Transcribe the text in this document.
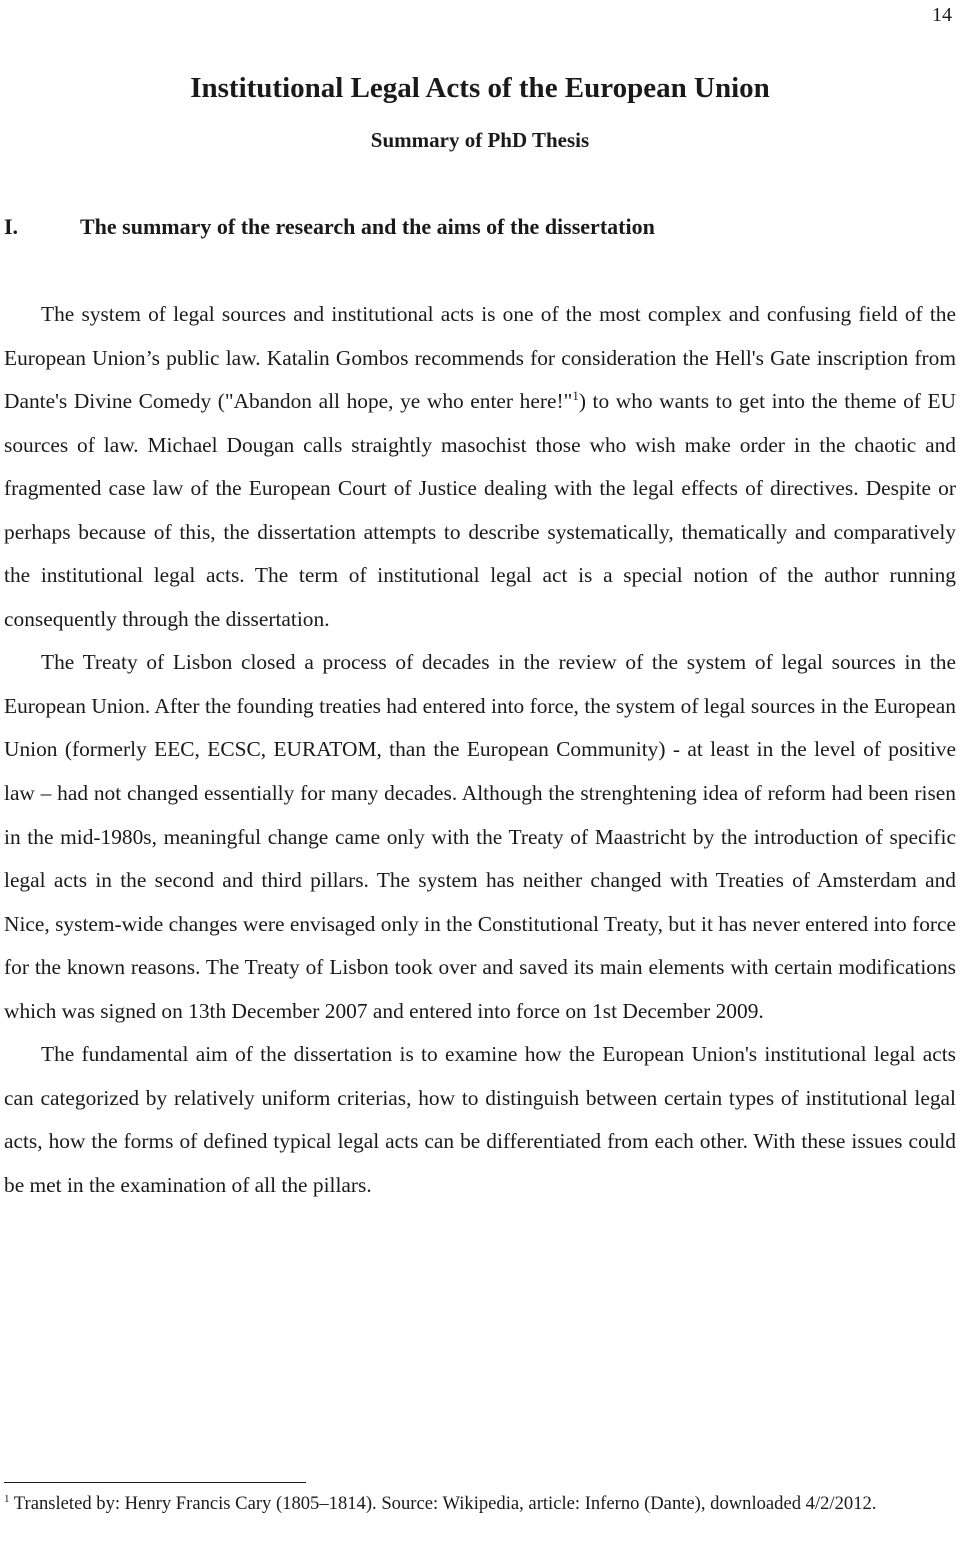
14
Institutional Legal Acts of the European Union
Summary of PhD Thesis
I.	The summary of the research and the aims of the dissertation

The system of legal sources and institutional acts is one of the most complex and confusing field of the European Union’s public law. Katalin Gombos recommends for consideration the Hell's Gate inscription from Dante's Divine Comedy ("Abandon all hope, ye who enter here!"$^1$) to who wants to get into the theme of EU sources of law. Michael Dougan calls straightly masochist those who wish make order in the chaotic and fragmented case law of the European Court of Justice dealing with the legal effects of directives. Despite or perhaps because of this, the dissertation attempts to describe systematically, thematically and comparatively the institutional legal acts. The term of institutional legal act is a special notion of the author running consequently through the dissertation.

The Treaty of Lisbon closed a process of decades in the review of the system of legal sources in the European Union. After the founding treaties had entered into force, the system of legal sources in the European Union (formerly EEC, ECSC, EURATOM, than the European Community) - at least in the level of positive law – had not changed essentially for many decades. Although the strenghtening idea of reform had been risen in the mid-1980s, meaningful change came only with the Treaty of Maastricht by the introduction of specific legal acts in the second and third pillars. The system has neither changed with Treaties of Amsterdam and Nice, system-wide changes were envisaged only in the Constitutional Treaty, but it has never entered into force for the known reasons. The Treaty of Lisbon took over and saved its main elements with certain modifications which was signed on 13th December 2007 and entered into force on 1st December 2009.

The fundamental aim of the dissertation is to examine how the European Union's institutional legal acts can categorized by relatively uniform criterias, how to distinguish between certain types of institutional legal acts, how the forms of defined typical legal acts can be differentiated from each other. With these issues could be met in the examination of all the pillars.

$^1$ Transleted by: Henry Francis Cary (1805–1814). Source: Wikipedia, article: Inferno (Dante), downloaded 4/2/2012.
